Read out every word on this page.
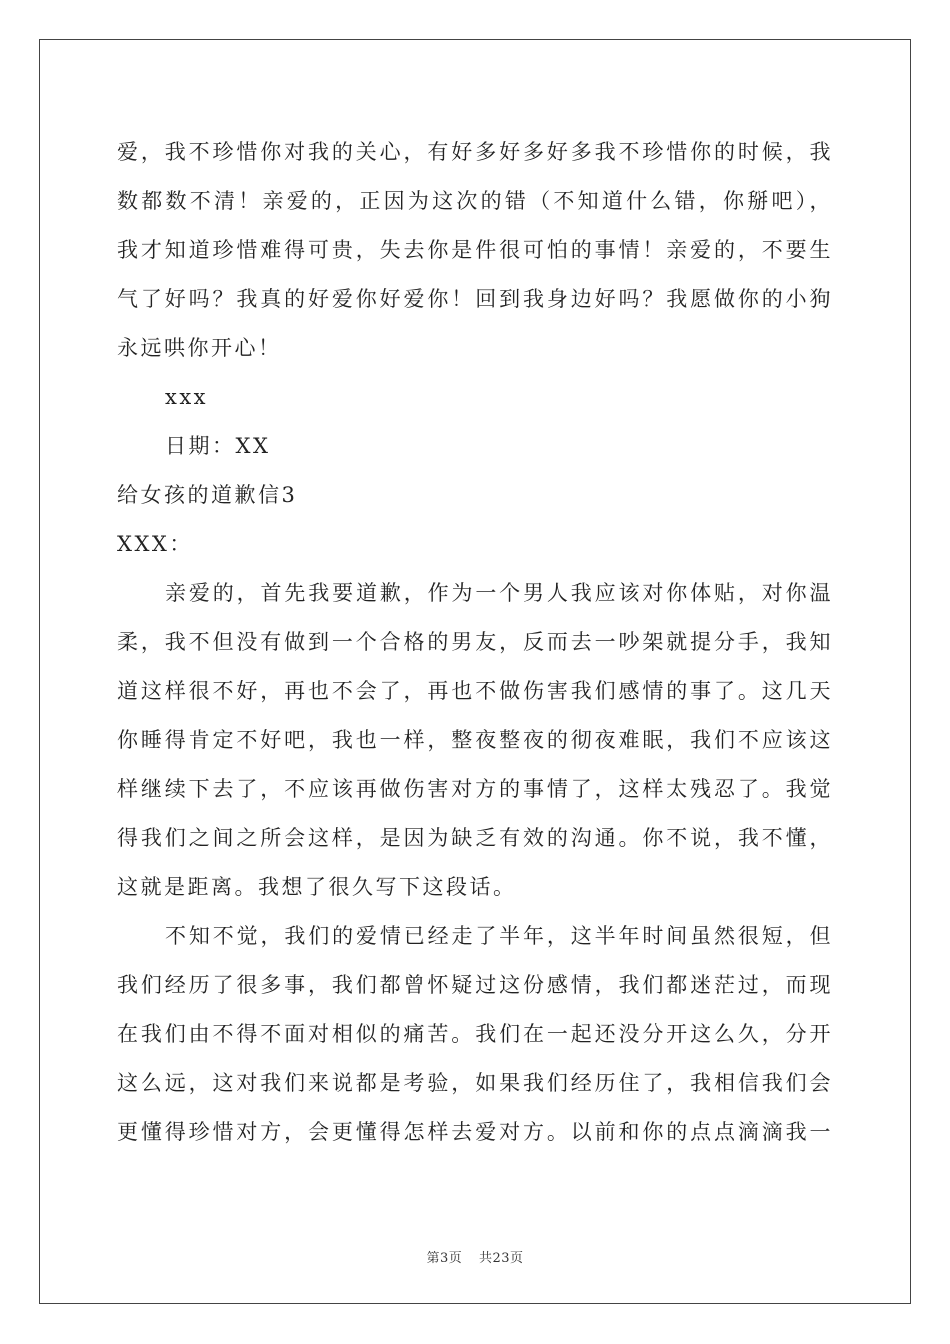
爱，我不珍惜你对我的关心，有好多好多好多我不珍惜你的时候，我
数都数不清！亲爱的，正因为这次的错（不知道什么错，你掰吧），
我才知道珍惜难得可贵，失去你是件很可怕的事情！亲爱的，不要生
气了好吗？我真的好爱你好爱你！回到我身边好吗？我愿做你的小狗
永远哄你开心！
xxx
日期：XX
给女孩的道歉信3
XXX：
亲爱的，首先我要道歉，作为一个男人我应该对你体贴，对你温
柔，我不但没有做到一个合格的男友，反而去一吵架就提分手，我知
道这样很不好，再也不会了，再也不做伤害我们感情的事了。这几天
你睡得肯定不好吧，我也一样，整夜整夜的彻夜难眠，我们不应该这
样继续下去了，不应该再做伤害对方的事情了，这样太残忍了。我觉
得我们之间之所会这样，是因为缺乏有效的沟通。你不说，我不懂，
这就是距离。我想了很久写下这段话。
不知不觉，我们的爱情已经走了半年，这半年时间虽然很短，但
我们经历了很多事，我们都曾怀疑过这份感情，我们都迷茫过，而现
在我们由不得不面对相似的痛苦。我们在一起还没分开这么久，分开
这么远，这对我们来说都是考验，如果我们经历住了，我相信我们会
更懂得珍惜对方，会更懂得怎样去爱对方。以前和你的点点滴滴我一
第3页 共23页
